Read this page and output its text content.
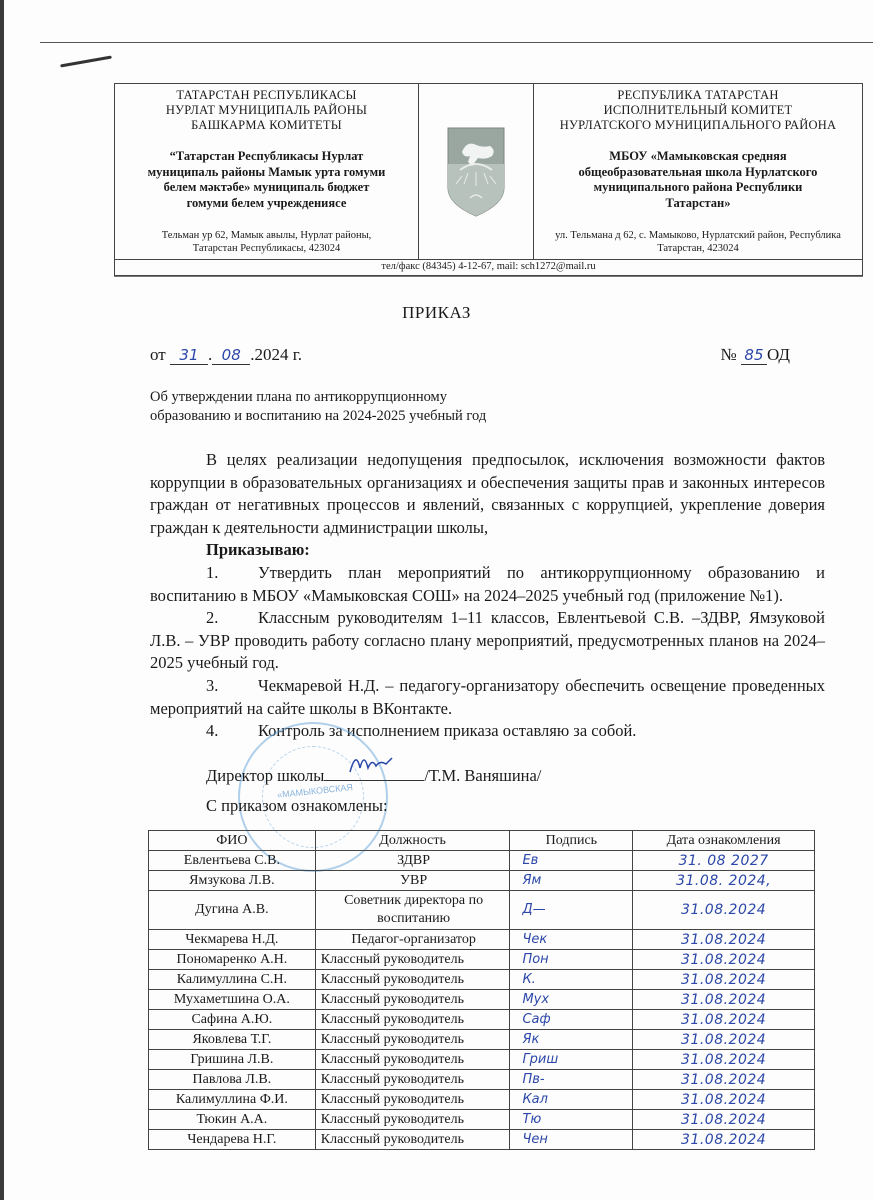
ТАТАРСТАН РЕСПУБЛИКАСЫ
НУРЛАТ МУНИЦИПАЛЬ РАЙОНЫ
БАШКАРМА КОМИТЕТЫ
“Татарстан Республикасы Нурлат
муниципаль районы Мамык урта гомуми
белем мәктәбе» муниципаль бюджет
гомуми белем учреждениясе
Тельман ур 62, Мамык авылы, Нурлат районы,
Татарстан Республикасы, 423024
РЕСПУБЛИКА ТАТАРСТАН
ИСПОЛНИТЕЛЬНЫЙ КОМИТЕТ
НУРЛАТСКОГО МУНИЦИПАЛЬНОГО РАЙОНА
МБОУ «Мамыковская средняя
общеобразовательная школа Нурлатского
муниципального района Республики
Татарстан»
ул. Тельмана д 62, с. Мамыково, Нурлатский район, Республика
Татарстан, 423024
тел/факс (84345) 4-12-67, mail: sch1272@mail.ru
ПРИКАЗ
от 31 . 08 .2024 г.	№ 85 ОД
Об утверждении плана по антикоррупционному
образованию и воспитанию на 2024-2025 учебный год

В целях реализации недопущения предпосылок, исключения возможности фактов коррупции в образовательных организациях и обеспечения защиты прав и законных интересов граждан от негативных процессов и явлений, связанных с коррупцией, укрепление доверия граждан к деятельности администрации школы,

Приказываю:

1. Утвердить план мероприятий по антикоррупционному образованию и воспитанию в МБОУ «Мамыковская СОШ» на 2024–2025 учебный год (приложение №1).

2. Классным руководителям 1–11 классов, Евлентьевой С.В. –ЗДВР, Ямзуковой Л.В. – УВР проводить работу согласно плану мероприятий, предусмотренных планов на 2024–2025 учебный год.

3. Чекмаревой Н.Д. – педагогу-организатору обеспечить освещение проведенных мероприятий на сайте школы в ВКонтакте.

4. Контроль за исполнением приказа оставляю за собой.

«МАМЫКОВСКАЯ
Директор школы	/Т.М. Ваняшина/
С приказом ознакомлены:
ФИО	Должность	Подпись	Дата ознакомления
Евлентьева С.В.	ЗДВР	Ев	31. 08 2027
Ямзукова Л.В.	УВР	Ям	31.08. 2024,
Дугина А.В.	Советник директора по воспитанию	Д—	31.08.2024
Чекмарева Н.Д.	Педагог-организатор	Чек	31.08.2024
Пономаренко А.Н.	Классный руководитель	Пон	31.08.2024
Калимуллина С.Н.	Классный руководитель	К.	31.08.2024
Мухаметшина О.А.	Классный руководитель	Мух	31.08.2024
Сафина А.Ю.	Классный руководитель	Саф	31.08.2024
Яковлева Т.Г.	Классный руководитель	Як	31.08.2024
Гришина Л.В.	Классный руководитель	Гриш	31.08.2024
Павлова Л.В.	Классный руководитель	Пв-	31.08.2024
Калимуллина Ф.И.	Классный руководитель	Кал	31.08.2024
Тюкин А.А.	Классный руководитель	Тю	31.08.2024
Чендарева Н.Г.	Классный руководитель	Чен	31.08.2024
